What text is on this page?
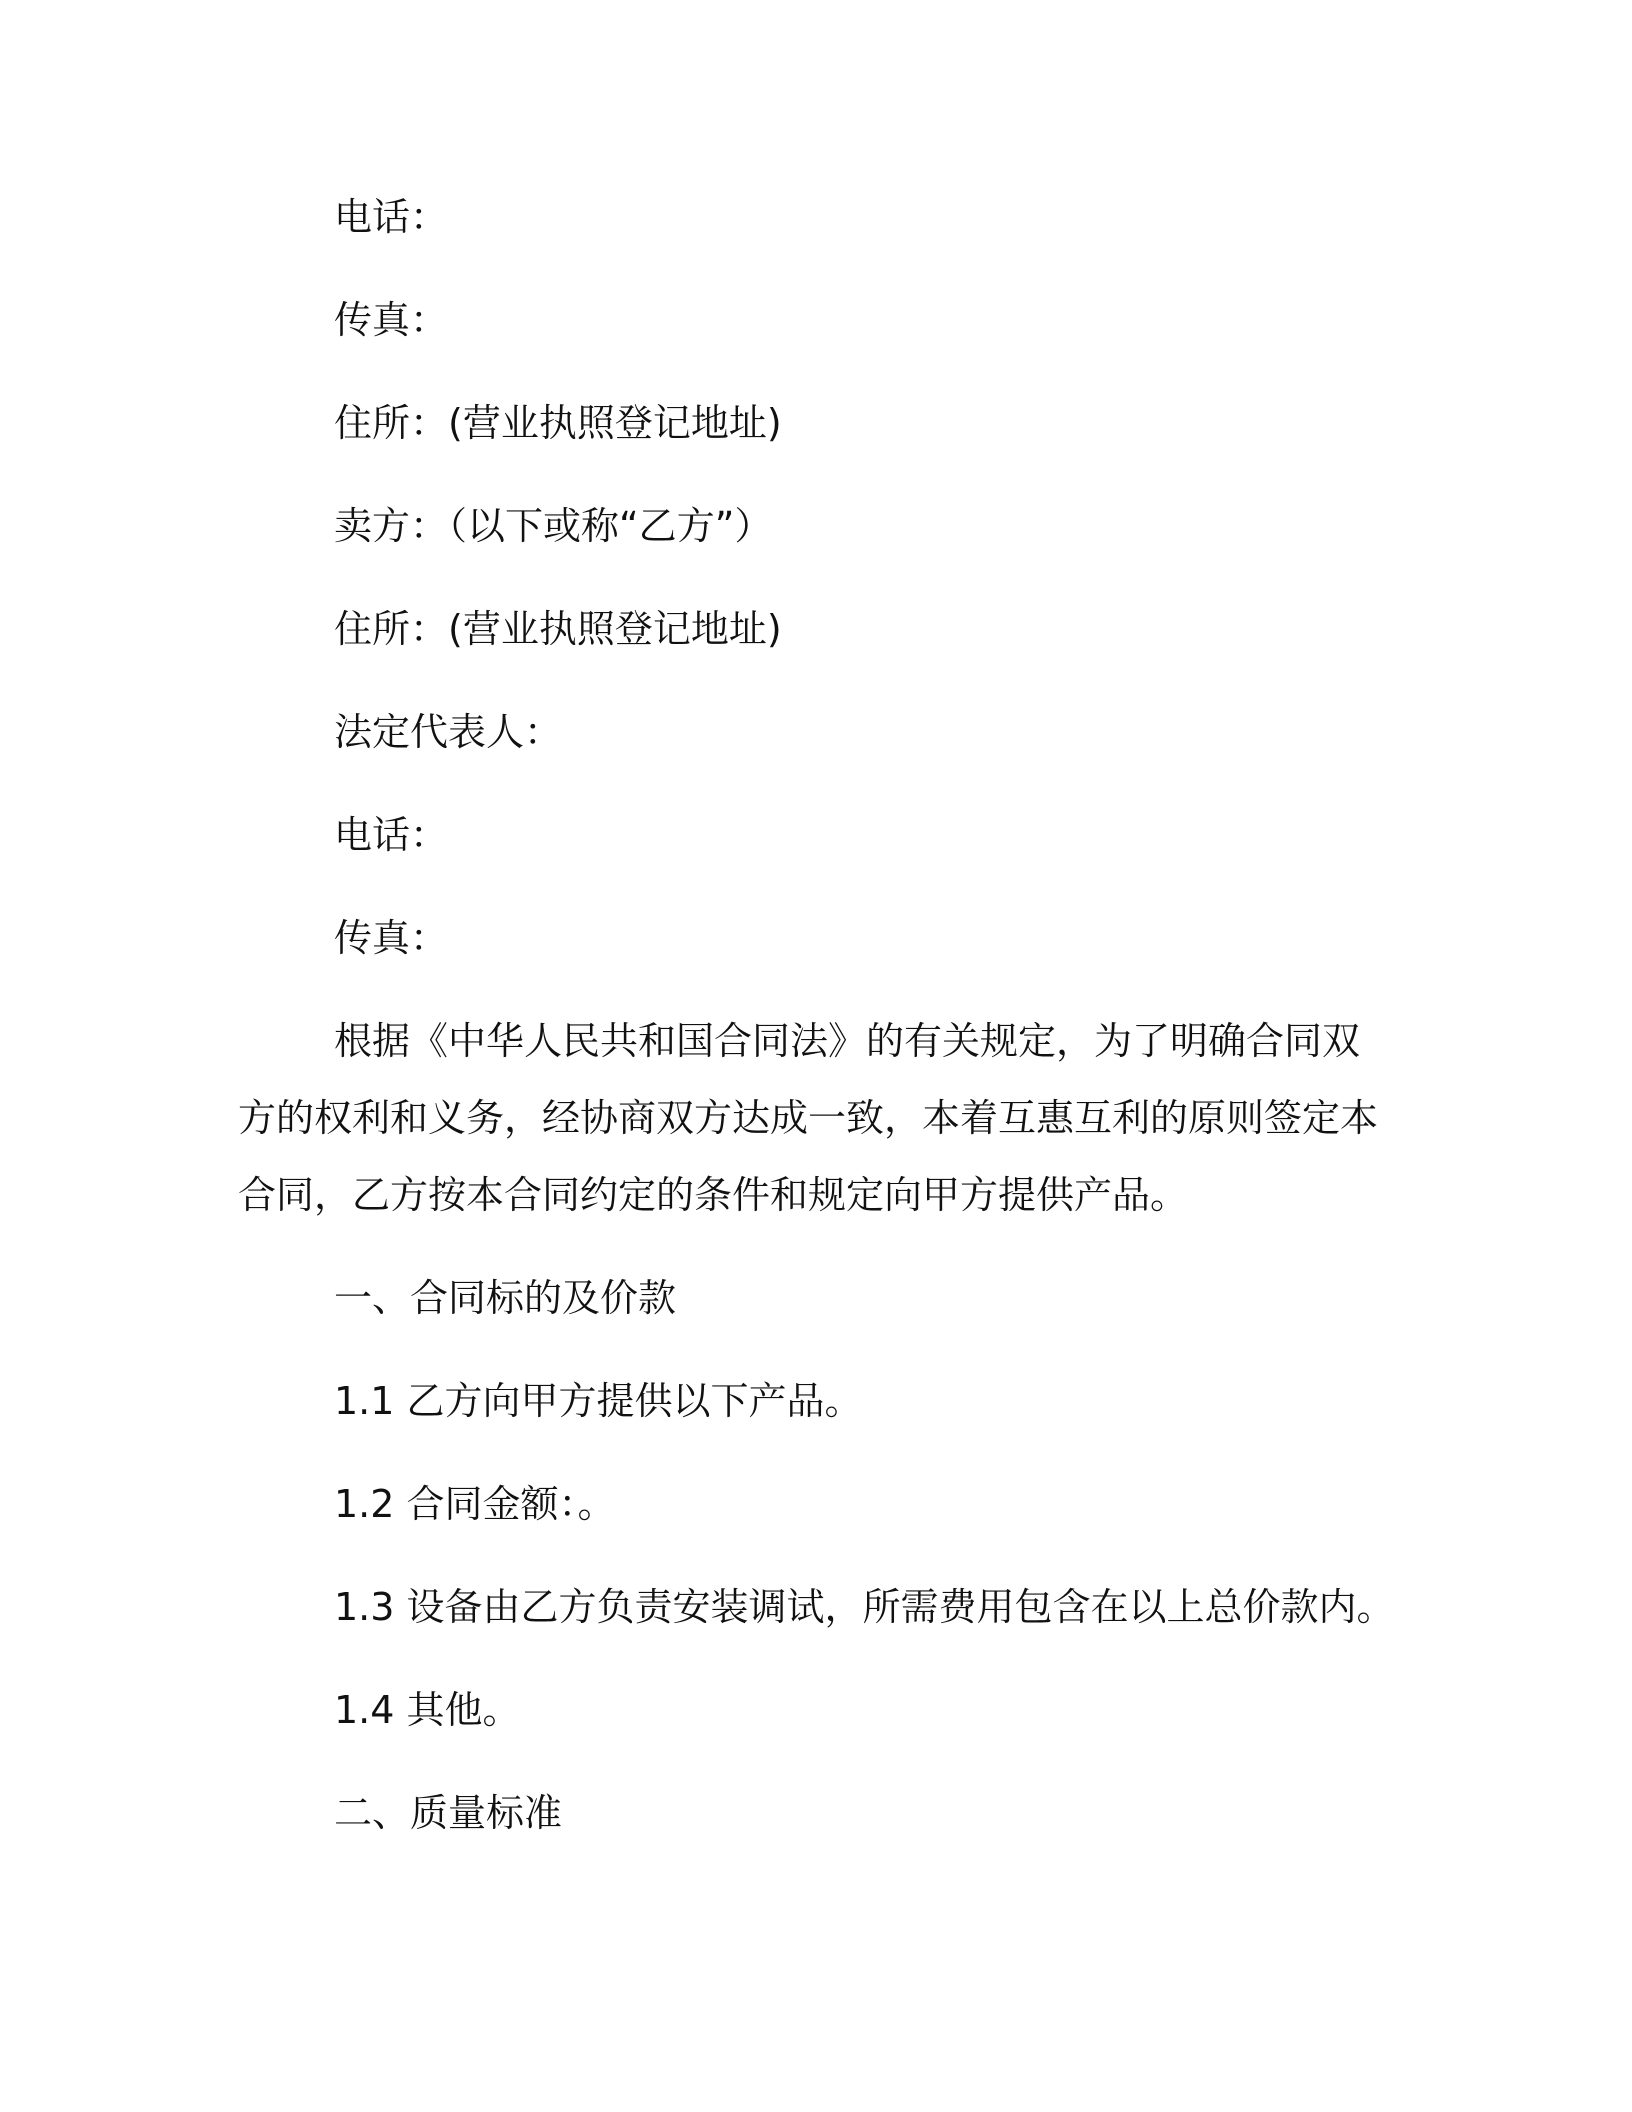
电话：
传真：
住所：(营业执照登记地址)
卖方：（以下或称“乙方”）
住所：(营业执照登记地址)
法定代表人：
电话：
传真：

根据《中华人民共和国合同法》的有关规定，为了明确合同双方的权利和义务，经协商双方达成一致，本着互惠互利的原则签定本合同，乙方按本合同约定的条件和规定向甲方提供产品。

一、合同标的及价款
1.1 乙方向甲方提供以下产品。
1.2 合同金额：。
1.3 设备由乙方负责安装调试，所需费用包含在以上总价款内。
1.4 其他。
二、质量标准
